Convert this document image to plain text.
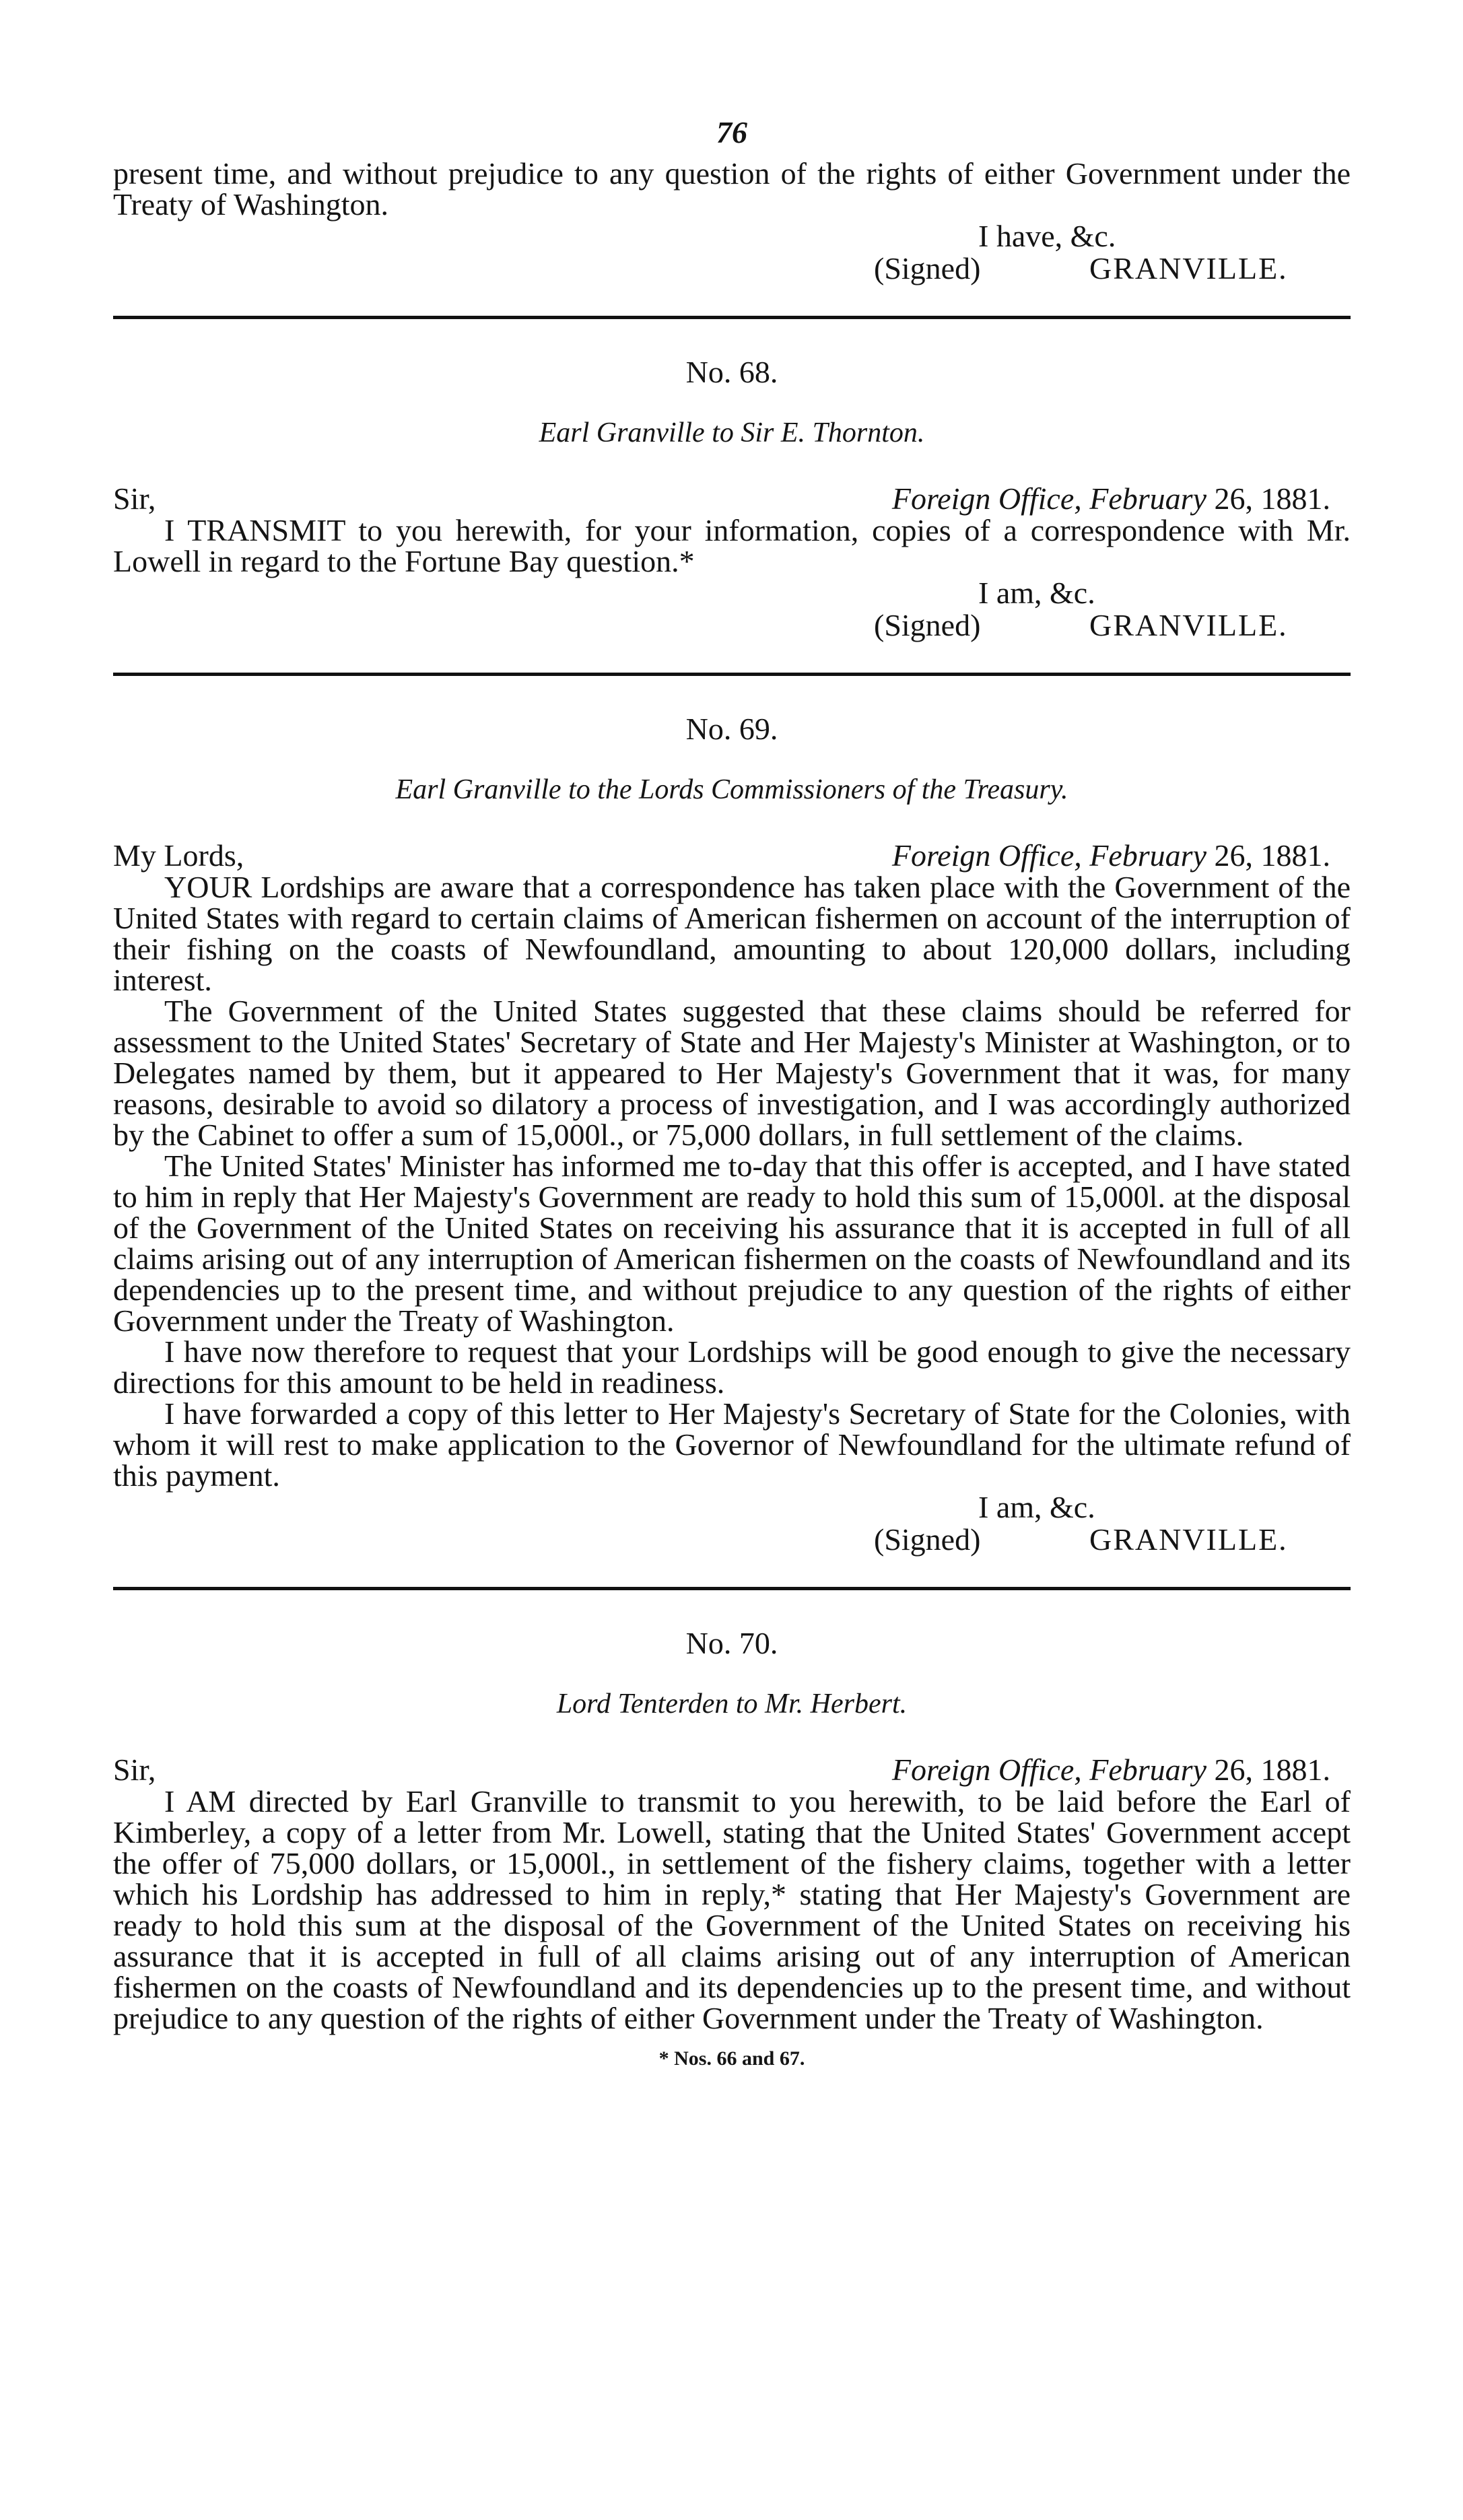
76

present time, and without prejudice to any question of the rights of either Government under the Treaty of Washington.

I have, &c.
(Signed)	GRANVILLE.
No. 68.
Earl Granville to Sir E. Thornton.
Sir,	Foreign Office, February 26, 1881.

I TRANSMIT to you herewith, for your information, copies of a correspondence with Mr. Lowell in regard to the Fortune Bay question.*

I am, &c.
(Signed)	GRANVILLE.
No. 69.
Earl Granville to the Lords Commissioners of the Treasury.
My Lords,	Foreign Office, February 26, 1881.

YOUR Lordships are aware that a correspondence has taken place with the Government of the United States with regard to certain claims of American fishermen on account of the interruption of their fishing on the coasts of Newfoundland, amounting to about 120,000 dollars, including interest.

The Government of the United States suggested that these claims should be referred for assessment to the United States' Secretary of State and Her Majesty's Minister at Washington, or to Delegates named by them, but it appeared to Her Majesty's Government that it was, for many reasons, desirable to avoid so dilatory a process of investigation, and I was accordingly authorized by the Cabinet to offer a sum of 15,000l., or 75,000 dollars, in full settlement of the claims.

The United States' Minister has informed me to-day that this offer is accepted, and I have stated to him in reply that Her Majesty's Government are ready to hold this sum of 15,000l. at the disposal of the Government of the United States on receiving his assurance that it is accepted in full of all claims arising out of any interruption of American fishermen on the coasts of Newfoundland and its dependencies up to the present time, and without prejudice to any question of the rights of either Government under the Treaty of Washington.

I have now therefore to request that your Lordships will be good enough to give the necessary directions for this amount to be held in readiness.

I have forwarded a copy of this letter to Her Majesty's Secretary of State for the Colonies, with whom it will rest to make application to the Governor of Newfoundland for the ultimate refund of this payment.

I am, &c.
(Signed)	GRANVILLE.
No. 70.
Lord Tenterden to Mr. Herbert.
Sir,	Foreign Office, February 26, 1881.

I AM directed by Earl Granville to transmit to you herewith, to be laid before the Earl of Kimberley, a copy of a letter from Mr. Lowell, stating that the United States' Government accept the offer of 75,000 dollars, or 15,000l., in settlement of the fishery claims, together with a letter which his Lordship has addressed to him in reply,* stating that Her Majesty's Government are ready to hold this sum at the disposal of the Government of the United States on receiving his assurance that it is accepted in full of all claims arising out of any interruption of American fishermen on the coasts of Newfoundland and its dependencies up to the present time, and without prejudice to any question of the rights of either Government under the Treaty of Washington.

* Nos. 66 and 67.
